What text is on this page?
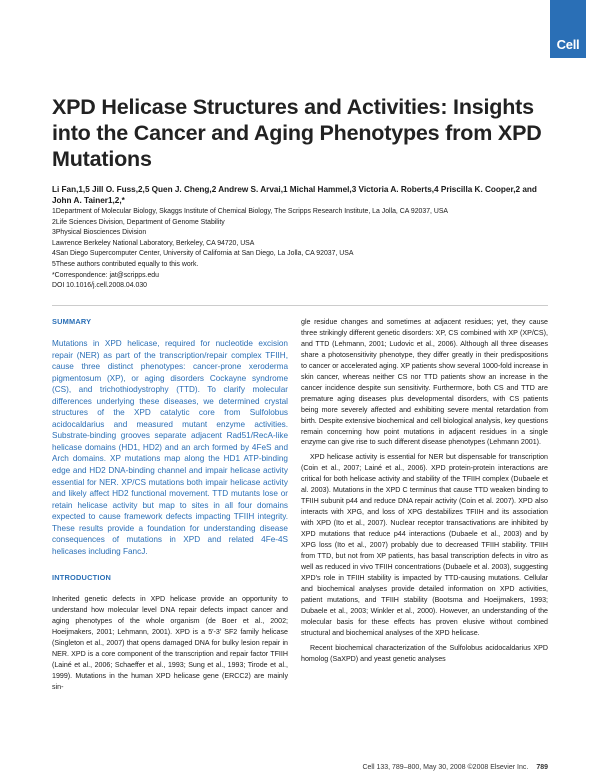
Cell
XPD Helicase Structures and Activities: Insights into the Cancer and Aging Phenotypes from XPD Mutations
Li Fan,1,5 Jill O. Fuss,2,5 Quen J. Cheng,2 Andrew S. Arvai,1 Michal Hammel,3 Victoria A. Roberts,4 Priscilla K. Cooper,2 and John A. Tainer1,2,*
1Department of Molecular Biology, Skaggs Institute of Chemical Biology, The Scripps Research Institute, La Jolla, CA 92037, USA
2Life Sciences Division, Department of Genome Stability
3Physical Biosciences Division
Lawrence Berkeley National Laboratory, Berkeley, CA 94720, USA
4San Diego Supercomputer Center, University of California at San Diego, La Jolla, CA 92037, USA
5These authors contributed equally to this work.
*Correspondence: jat@scripps.edu
DOI 10.1016/j.cell.2008.04.030
SUMMARY
Mutations in XPD helicase, required for nucleotide excision repair (NER) as part of the transcription/repair complex TFIIH, cause three distinct phenotypes: cancer-prone xeroderma pigmentosum (XP), or aging disorders Cockayne syndrome (CS), and trichothiodystrophy (TTD). To clarify molecular differences underlying these diseases, we determined crystal structures of the XPD catalytic core from Sulfolobus acidocaldarius and measured mutant enzyme activities. Substrate-binding grooves separate adjacent Rad51/RecA-like helicase domains (HD1, HD2) and an arch formed by 4FeS and Arch domains. XP mutations map along the HD1 ATP-binding edge and HD2 DNA-binding channel and impair helicase activity essential for NER. XP/CS mutations both impair helicase activity and likely affect HD2 functional movement. TTD mutants lose or retain helicase activity but map to sites in all four domains expected to cause framework defects impacting TFIIH integrity. These results provide a foundation for understanding disease consequences of mutations in XPD and related 4Fe-4S helicases including FancJ.
INTRODUCTION

Inherited genetic defects in XPD helicase provide an opportunity to understand how molecular level DNA repair defects impact cancer and aging phenotypes of the whole organism (de Boer et al., 2002; Hoeijmakers, 2001; Lehmann, 2001). XPD is a 5′-3′ SF2 family helicase (Singleton et al., 2007) that opens damaged DNA for bulky lesion repair in NER. XPD is a core component of the transcription and repair factor TFIIH (Lainé et al., 2006; Schaeffer et al., 1993; Sung et al., 1993; Tirode et al., 1999). Mutations in the human XPD helicase gene (ERCC2) are mainly sin-

gle residue changes and sometimes at adjacent residues; yet, they cause three strikingly different genetic disorders: XP, CS combined with XP (XP/CS), and TTD (Lehmann, 2001; Ludovic et al., 2006). Although all three diseases share a photosensitivity phenotype, they differ greatly in their predispositions to cancer or accelerated aging. XP patients show several 1000-fold increase in skin cancer, whereas neither CS nor TTD patients show an increase in the cancer incidence despite sun sensitivity. Furthermore, both CS and TTD are premature aging diseases plus developmental disorders, with CS patients being more severely affected and exhibiting severe mental retardation from birth. Despite extensive biochemical and cell biological analysis, key questions remain concerning how point mutations in adjacent residues in a single enzyme can give rise to such different disease phenotypes (Lehmann 2001).

XPD helicase activity is essential for NER but dispensable for transcription (Coin et al., 2007; Lainé et al., 2006). XPD protein-protein interactions are critical for both helicase activity and stability of the TFIIH complex (Dubaele et al. 2003). Mutations in the XPD C terminus that cause TTD weaken binding to TFIIH subunit p44 and reduce DNA repair activity (Coin et al. 2007). XPD also interacts with XPG, and loss of XPG destabilizes TFIIH and its association with XPD (Ito et al., 2007). Nuclear receptor transactivations are inhibited by XPD mutations that reduce p44 interactions (Dubaele et al., 2003) and by XPG loss (Ito et al., 2007) probably due to decreased TFIIH stability. TFIIH from TTD, but not from XP patients, has basal transcription defects in vitro as well as reduced in vivo TFIIH concentrations (Dubaele et al. 2003), suggesting XPD's role in TFIIH stability is impacted by TTD-causing mutations. Cellular and biochemical analyses provide detailed information on XPD activities, patient mutations, and TFIIH stability (Bootsma and Hoeijmakers, 1993; Dubaele et al., 2003; Winkler et al., 2000). However, an understanding of the molecular basis for these effects has proven elusive without combined structural and biochemical analyses of the XPD helicase.

Recent biochemical characterization of the Sulfolobus acidocaldarius XPD homolog (SaXPD) and yeast genetic analyses

Cell 133, 789–800, May 30, 2008 ©2008 Elsevier Inc. 789
